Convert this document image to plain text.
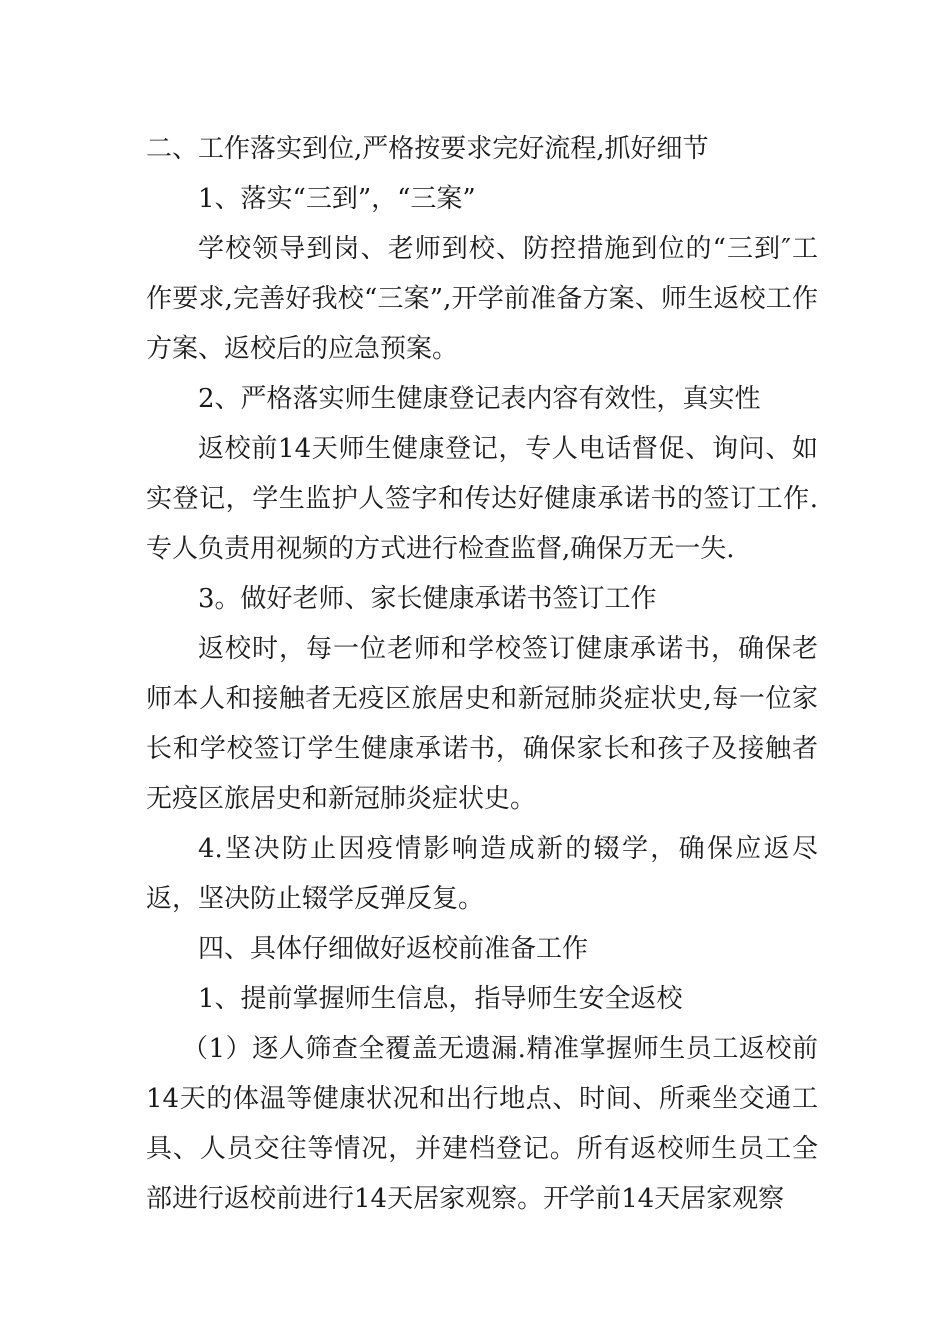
二、工作落实到位,严格按要求完好流程,抓好细节

1、落实“三到”，“三案”

学校领导到岗、老师到校、防控措施到位的“三到″工作要求,完善好我校“三案”,开学前准备方案、师生返校工作方案、返校后的应急预案。

2、严格落实师生健康登记表内容有效性，真实性

返校前14天师生健康登记，专人电话督促、询问、如实登记，学生监护人签字和传达好健康承诺书的签订工作.专人负责用视频的方式进行检查监督,确保万无一失.

3。做好老师、家长健康承诺书签订工作

返校时，每一位老师和学校签订健康承诺书，确保老师本人和接触者无疫区旅居史和新冠肺炎症状史,每一位家长和学校签订学生健康承诺书，确保家长和孩子及接触者无疫区旅居史和新冠肺炎症状史。

4.坚决防止因疫情影响造成新的辍学，确保应返尽返，坚决防止辍学反弹反复。

四、具体仔细做好返校前准备工作

1、提前掌握师生信息，指导师生安全返校

（1）逐人筛查全覆盖无遗漏.精准掌握师生员工返校前14天的体温等健康状况和出行地点、时间、所乘坐交通工具、人员交往等情况，并建档登记。所有返校师生员工全部进行返校前进行14天居家观察。开学前14天居家观察
